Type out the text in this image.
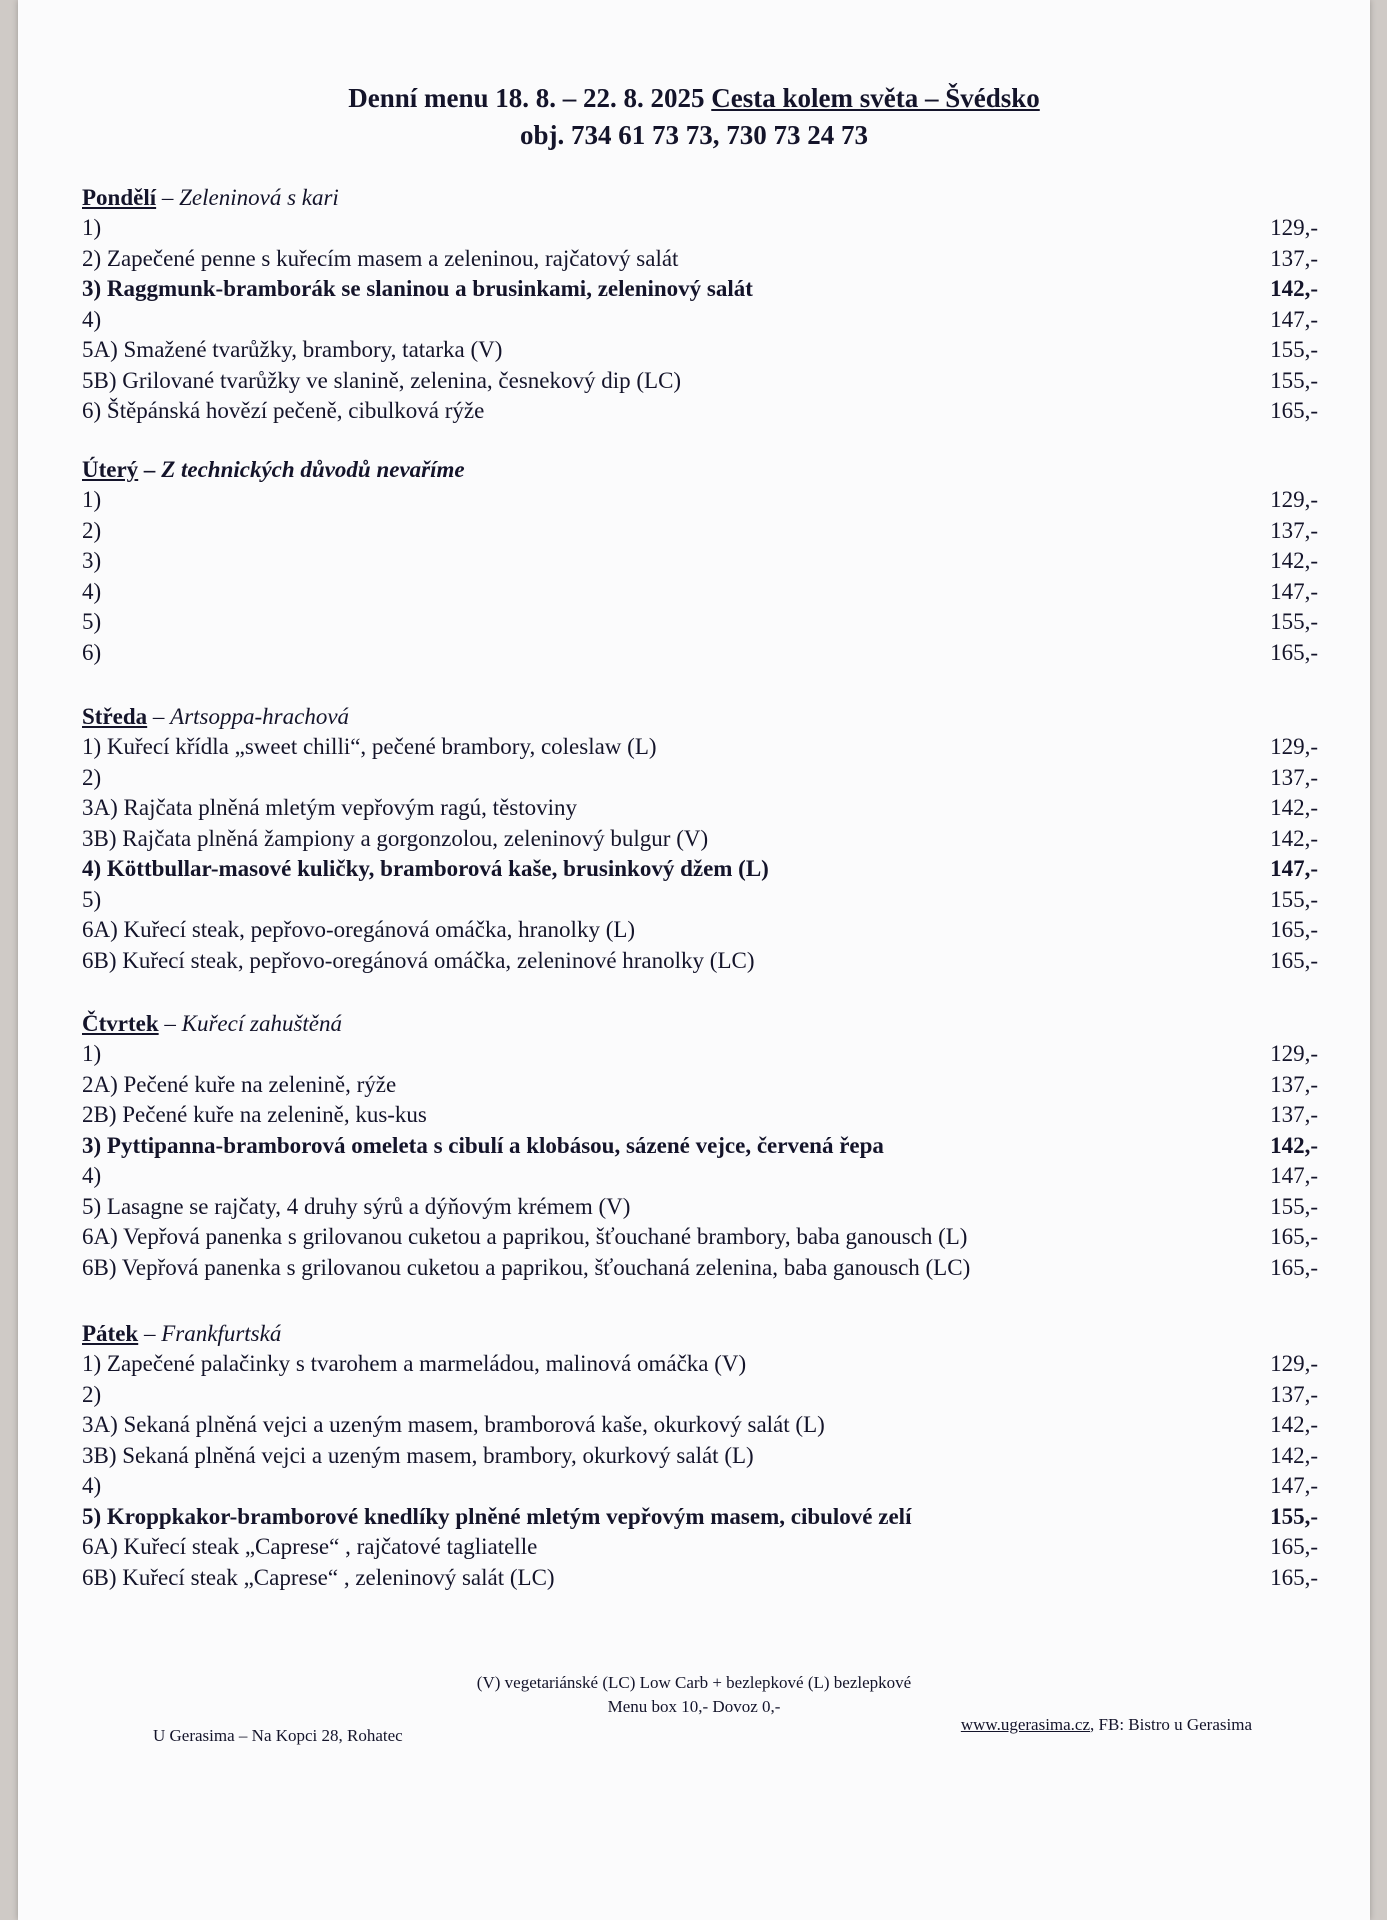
Denní menu 18. 8. – 22. 8. 2025 Cesta kolem světa – Švédsko
obj. 734 61 73 73, 730 73 24 73
Pondělí – Zeleninová s kari
1)	129,-
2) Zapečené penne s kuřecím masem a zeleninou, rajčatový salát	137,-
3) Raggmunk-bramborák se slaninou a brusinkami, zeleninový salát	142,-
4)	147,-
5A) Smažené tvarůžky, brambory, tatarka (V)	155,-
5B) Grilované tvarůžky ve slanině, zelenina, česnekový dip (LC)	155,-
6) Štěpánská hovězí pečeně, cibulková rýže	165,-
Úterý – Z technických důvodů nevaříme
1)	129,-
2)	137,-
3)	142,-
4)	147,-
5)	155,-
6)	165,-
Středa – Artsoppa-hrachová
1) Kuřecí křídla „sweet chilli“, pečené brambory, coleslaw (L)	129,-
2)	137,-
3A) Rajčata plněná mletým vepřovým ragú, těstoviny	142,-
3B) Rajčata plněná žampiony a gorgonzolou, zeleninový bulgur (V)	142,-
4) Köttbullar-masové kuličky, bramborová kaše, brusinkový džem (L)	147,-
5)	155,-
6A) Kuřecí steak, pepřovo-oregánová omáčka, hranolky (L)	165,-
6B) Kuřecí steak, pepřovo-oregánová omáčka, zeleninové hranolky (LC)	165,-
Čtvrtek – Kuřecí zahuštěná
1)	129,-
2A) Pečené kuře na zelenině, rýže	137,-
2B) Pečené kuře na zelenině, kus-kus	137,-
3) Pyttipanna-bramborová omeleta s cibulí a klobásou, sázené vejce, červená řepa	142,-
4)	147,-
5) Lasagne se rajčaty, 4 druhy sýrů a dýňovým krémem (V)	155,-
6A) Vepřová panenka s grilovanou cuketou a paprikou, šťouchané brambory, baba ganousch (L)	165,-
6B) Vepřová panenka s grilovanou cuketou a paprikou, šťouchaná zelenina, baba ganousch (LC)	165,-
Pátek – Frankfurtská
1) Zapečené palačinky s tvarohem a marmeládou, malinová omáčka (V)	129,-
2)	137,-
3A) Sekaná plněná vejci a uzeným masem, bramborová kaše, okurkový salát (L)	142,-
3B) Sekaná plněná vejci a uzeným masem, brambory, okurkový salát (L)	142,-
4)	147,-
5) Kroppkakor-bramborové knedlíky plněné mletým vepřovým masem, cibulové zelí	155,-
6A) Kuřecí steak „Caprese“ , rajčatové tagliatelle	165,-
6B) Kuřecí steak „Caprese“ , zeleninový salát (LC)	165,-
(V) vegetariánské (LC) Low Carb + bezlepkové (L) bezlepkové
Menu box 10,- Dovoz 0,-
U Gerasima – Na Kopci 28, Rohatec
www.ugerasima.cz, FB: Bistro u Gerasima
